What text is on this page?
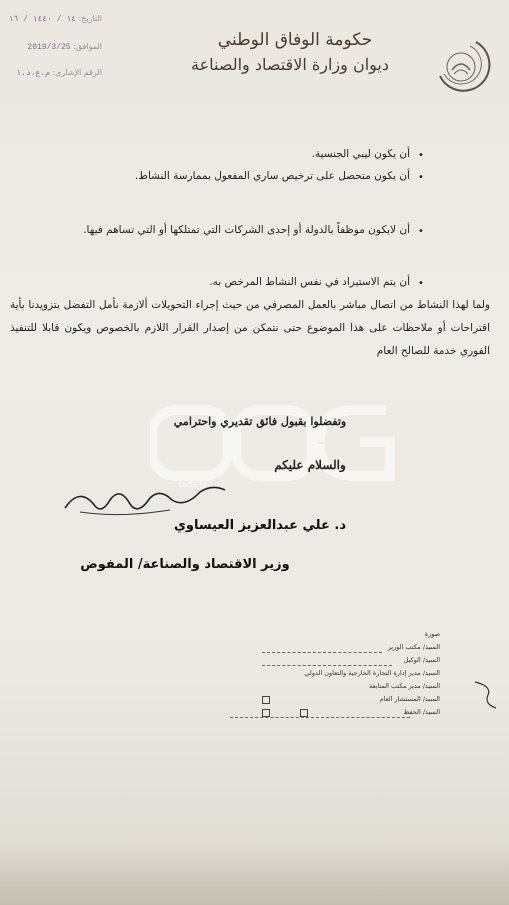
حكومة الوفاق الوطني
ديوان وزارة الاقتصاد والصناعة
التاريخ: ١٤ / ١٤٤٠ / ١٦
الموافق: 2019/3/25
الرقم الإشاري: م.ع.د.١
•
أن يكون ليبي الجنسية.
•
أن يكون متحصل على ترخيص ساري المفعول بممارسة النشاط.
•
أن لايكون موظفاً بالدولة أو إحدى الشركات التي تمتلكها أو التي تساهم فيها.
•
أن يتم الاستيراد في نفس النشاط المرخص به.
ولما لهذا النشاط من اتصال مباشر بالعمل المصرفي من حيث إجراء التحويلات ألازمة نأمل التفضل بتزويدنا بأية اقتراحات أو ملاحظات على هذا الموضوع حتى نتمكن من إصدار القرار اللازم بالخصوص ويكون قابلا للتنفيذ الفوري خدمة للصالح العام
sada.ly
وتفضلوا بقبول فائق تقديري واحترامي
والسلام عليكم
د. علي عبدالعزيز العيساوي
وزير الاقتصاد والصناعة/ المفوض
صورة
السيد/ مكتب الوزير
السيد/ الوكيل
السيد/ مدير إدارة التجارة الخارجية والتعاون الدولي
السيد/ مدير مكتب المتابعة
السيد/ المستشار العام
السيد/ الحفظ
